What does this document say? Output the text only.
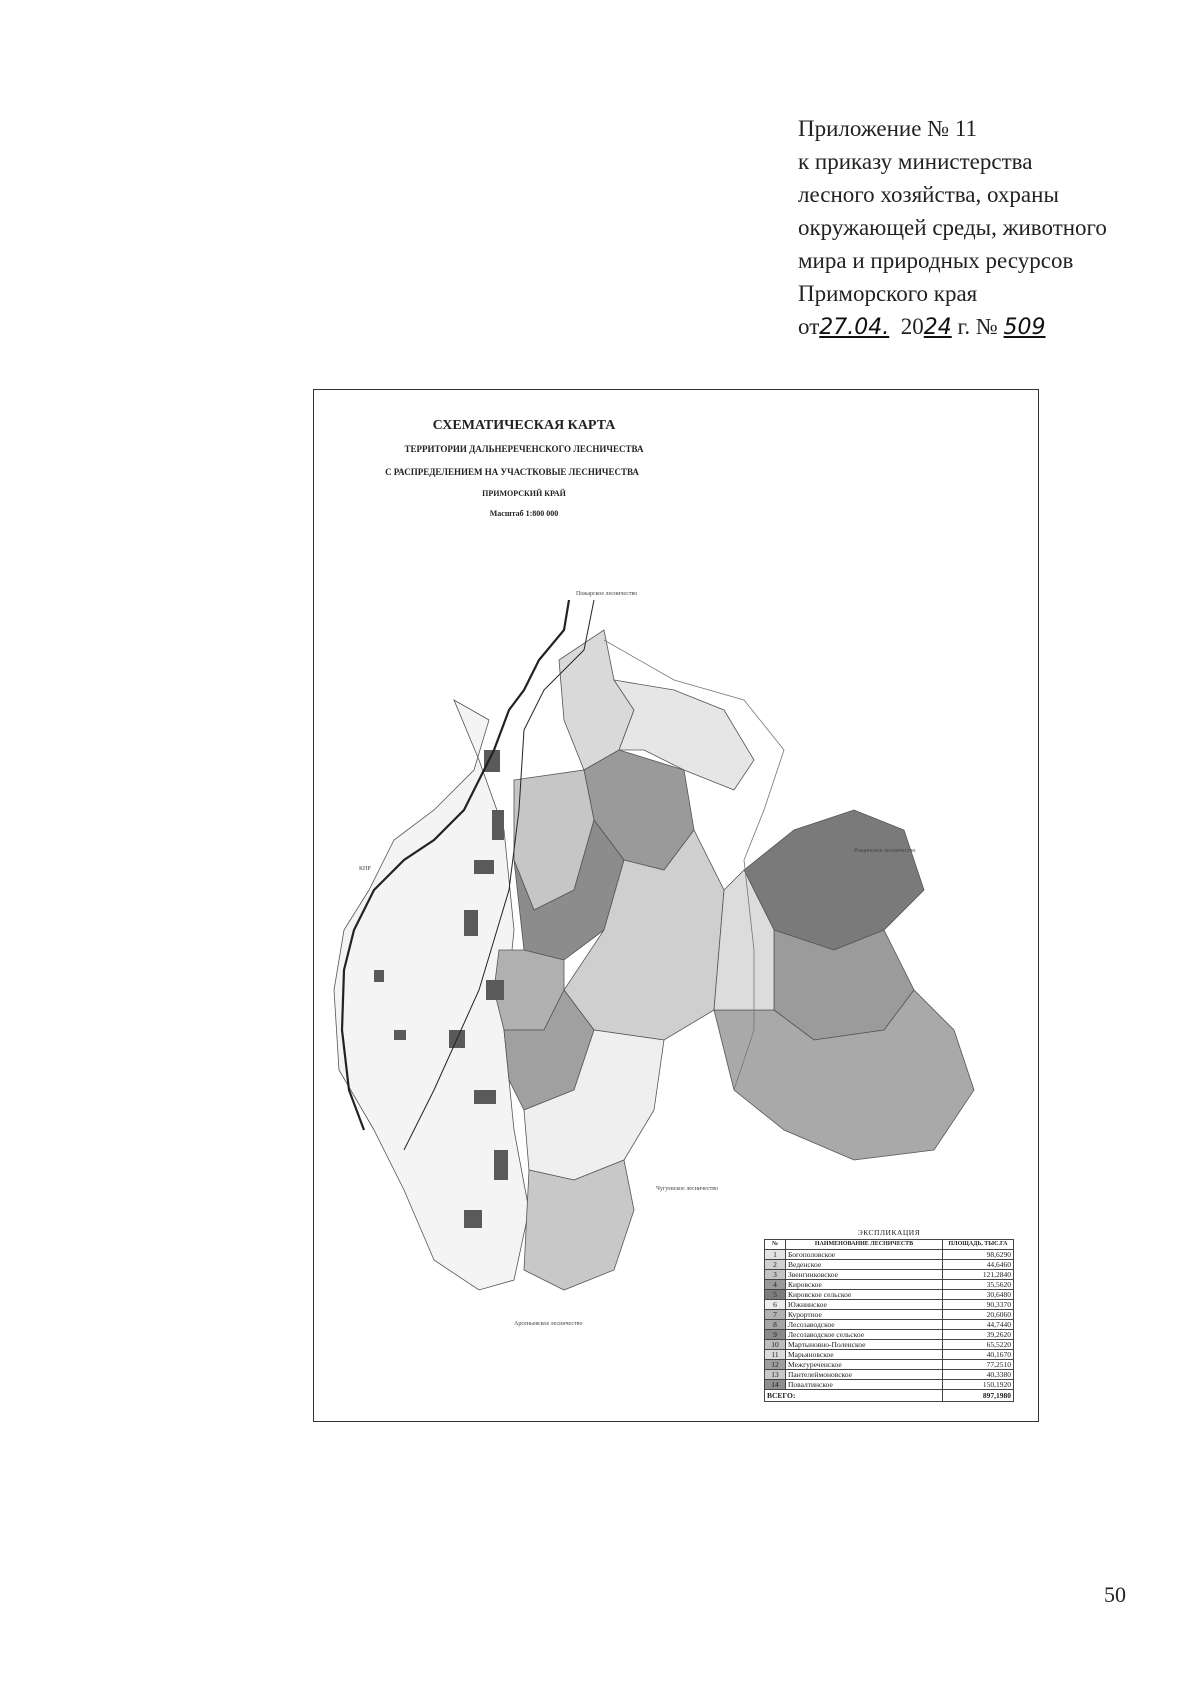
Приложение № 11
к приказу министерства
лесного хозяйства, охраны
окружающей среды, животного
мира и природных ресурсов
Приморского края
от27.04. 2024 г. № 509
СХЕМАТИЧЕСКАЯ КАРТА
ТЕРРИТОРИИ ДАЛЬНЕРЕЧЕНСКОГО ЛЕСНИЧЕСТВА
С РАСПРЕДЕЛЕНИЕМ НА УЧАСТКОВЫЕ ЛЕСНИЧЕСТВА
ПРИМОРСКИЙ КРАЙ
Масштаб 1:800 000
КНР
Пожарское лесничество
Рощинское лесничество
Чугуевское лесничество
Арсеньевское лесничество
ЭКСПЛИКАЦИЯ
№	НАИМЕНОВАНИЕ ЛЕСНИЧЕСТВ	ПЛОЩАДЬ, ТЫС.ГА
1	Богополовское	98,6290
2	Веденское	44,6460
3	Звенгинковское	121,2840
4	Кировское	35,5620
5	Кировское сельское	30,6480
6	Южнинское	90,3370
7	Курортное	20,6060
8	Лесозаводское	44,7440
9	Лесозаводское сельское	39,2620
10	Мартыновно-Поленское	65,5220
11	Марьяновское	40,1670
12	Межгуреченское	77,2510
13	Пантелеймоновское	40,3380
14	Повалтинское	150,1920
ВСЕГО:		897,1980
50
